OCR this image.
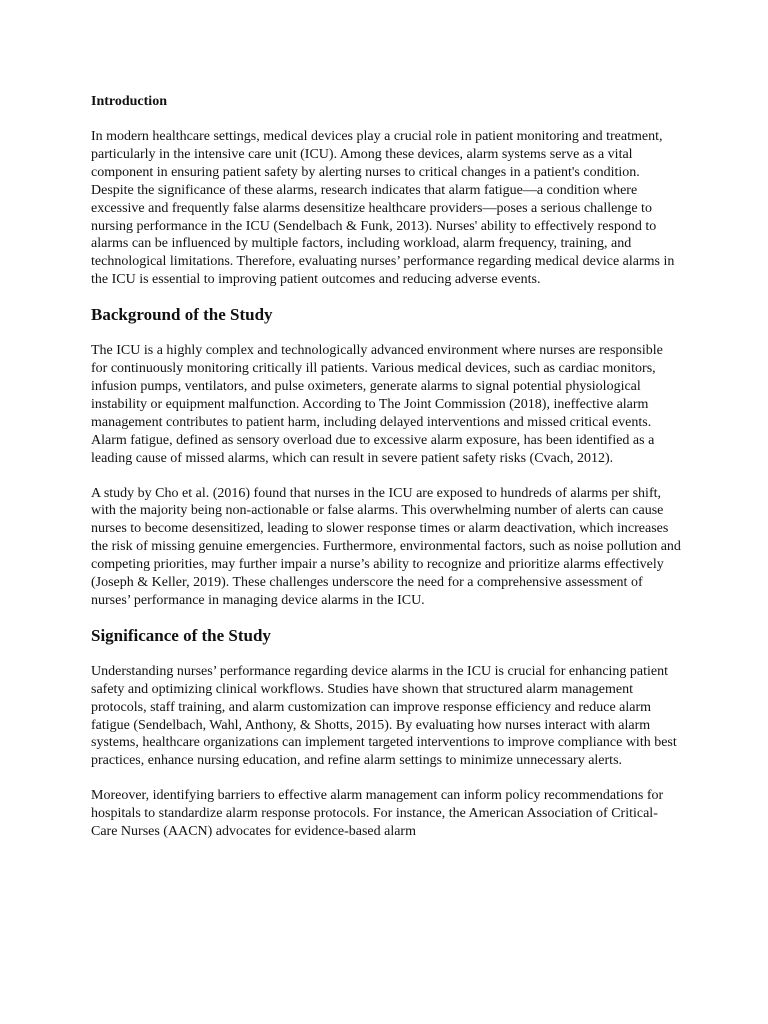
Introduction

In modern healthcare settings, medical devices play a crucial role in patient monitoring and treatment, particularly in the intensive care unit (ICU). Among these devices, alarm systems serve as a vital component in ensuring patient safety by alerting nurses to critical changes in a patient's condition. Despite the significance of these alarms, research indicates that alarm fatigue—a condition where excessive and frequently false alarms desensitize healthcare providers—poses a serious challenge to nursing performance in the ICU (Sendelbach & Funk, 2013). Nurses' ability to effectively respond to alarms can be influenced by multiple factors, including workload, alarm frequency, training, and technological limitations. Therefore, evaluating nurses’ performance regarding medical device alarms in the ICU is essential to improving patient outcomes and reducing adverse events.

Background of the Study

The ICU is a highly complex and technologically advanced environment where nurses are responsible for continuously monitoring critically ill patients. Various medical devices, such as cardiac monitors, infusion pumps, ventilators, and pulse oximeters, generate alarms to signal potential physiological instability or equipment malfunction. According to The Joint Commission (2018), ineffective alarm management contributes to patient harm, including delayed interventions and missed critical events. Alarm fatigue, defined as sensory overload due to excessive alarm exposure, has been identified as a leading cause of missed alarms, which can result in severe patient safety risks (Cvach, 2012).

A study by Cho et al. (2016) found that nurses in the ICU are exposed to hundreds of alarms per shift, with the majority being non-actionable or false alarms. This overwhelming number of alerts can cause nurses to become desensitized, leading to slower response times or alarm deactivation, which increases the risk of missing genuine emergencies. Furthermore, environmental factors, such as noise pollution and competing priorities, may further impair a nurse’s ability to recognize and prioritize alarms effectively (Joseph & Keller, 2019). These challenges underscore the need for a comprehensive assessment of nurses’ performance in managing device alarms in the ICU.

Significance of the Study

Understanding nurses’ performance regarding device alarms in the ICU is crucial for enhancing patient safety and optimizing clinical workflows. Studies have shown that structured alarm management protocols, staff training, and alarm customization can improve response efficiency and reduce alarm fatigue (Sendelbach, Wahl, Anthony, & Shotts, 2015). By evaluating how nurses interact with alarm systems, healthcare organizations can implement targeted interventions to improve compliance with best practices, enhance nursing education, and refine alarm settings to minimize unnecessary alerts.

Moreover, identifying barriers to effective alarm management can inform policy recommendations for hospitals to standardize alarm response protocols. For instance, the American Association of Critical-Care Nurses (AACN) advocates for evidence-based alarm
